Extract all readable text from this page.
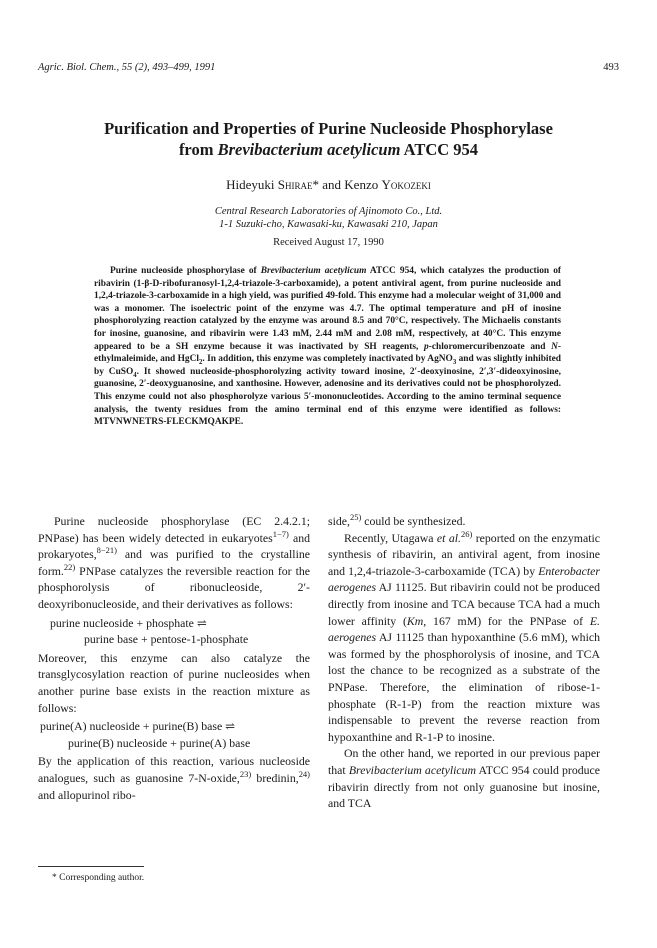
Agric. Biol. Chem., 55 (2), 493–499, 1991	493
Purification and Properties of Purine Nucleoside Phosphorylase
from Brevibacterium acetylicum ATCC 954
Hideyuki Shirae* and Kenzo Yokozeki
Central Research Laboratories of Ajinomoto Co., Ltd.
1-1 Suzuki-cho, Kawasaki-ku, Kawasaki 210, Japan
Received August 17, 1990

Purine nucleoside phosphorylase of Brevibacterium acetylicum ATCC 954, which catalyzes the production of ribavirin (1-β-D-ribofuranosyl-1,2,4-triazole-3-carboxamide), a potent antiviral agent, from purine nucleoside and 1,2,4-triazole-3-carboxamide in a high yield, was purified 49-fold. This enzyme had a molecular weight of 31,000 and was a monomer. The isoelectric point of the enzyme was 4.7. The optimal temperature and pH of inosine phosphorolyzing reaction catalyzed by the enzyme was around 8.5 and 70°C, respectively. The Michaelis constants for inosine, guanosine, and ribavirin were 1.43 mM, 2.44 mM and 2.08 mM, respectively, at 40°C. This enzyme appeared to be a SH enzyme because it was inactivated by SH reagents, p-chloromercuribenzoate and N-ethylmaleimide, and HgCl$_2$. In addition, this enzyme was completely inactivated by AgNO$_3$ and was slightly inhibited by CuSO$_4$. It showed nucleoside-phosphorolyzing activity toward inosine, 2′-deoxyinosine, 2′,3′-dideoxyinosine, guanosine, 2′-deoxyguanosine, and xanthosine. However, adenosine and its derivatives could not be phosphorolyzed. This enzyme could not also phosphorolyze various 5′-mononucleotides. According to the amino terminal sequence analysis, the twenty residues from the amino terminal end of this enzyme were identified as follows: MTVNWNETRS-FLECKMQAKPE.

Purine nucleoside phosphorylase (EC 2.4.2.1; PNPase) has been widely detected in eukaryotes$^{1-7)}$ and prokaryotes,$^{8-21)}$ and was purified to the crystalline form.$^{22)}$ PNPase catalyzes the reversible reaction for the phosphorolysis of ribonucleoside, 2′-deoxyribonucleoside, and their derivatives as follows:

purine nucleoside + phosphate ⇌
purine base + pentose-1-phosphate

Moreover, this enzyme can also catalyze the transglycosylation reaction of purine nucleosides when another purine base exists in the reaction mixture as follows:

purine(A) nucleoside + purine(B) base ⇌
purine(B) nucleoside + purine(A) base

By the application of this reaction, various nucleoside analogues, such as guanosine 7-N-oxide,$^{23)}$ bredinin,$^{24)}$ and allopurinol ribo-

side,$^{25)}$ could be synthesized.

Recently, Utagawa et al.$^{26)}$ reported on the enzymatic synthesis of ribavirin, an antiviral agent, from inosine and 1,2,4-triazole-3-carboxamide (TCA) by Enterobacter aerogenes AJ 11125. But ribavirin could not be produced directly from inosine and TCA because TCA had a much lower affinity (Km, 167 mM) for the PNPase of E. aerogenes AJ 11125 than hypoxanthine (5.6 mM), which was formed by the phosphorolysis of inosine, and TCA lost the chance to be recognized as a substrate of the PNPase. Therefore, the elimination of ribose-1-phosphate (R-1-P) from the reaction mixture was indispensable to prevent the reverse reaction from hypoxanthine and R-1-P to inosine.

On the other hand, we reported in our previous paper that Brevibacterium acetylicum ATCC 954 could produce ribavirin directly from not only guanosine but inosine, and TCA

* Corresponding author.
